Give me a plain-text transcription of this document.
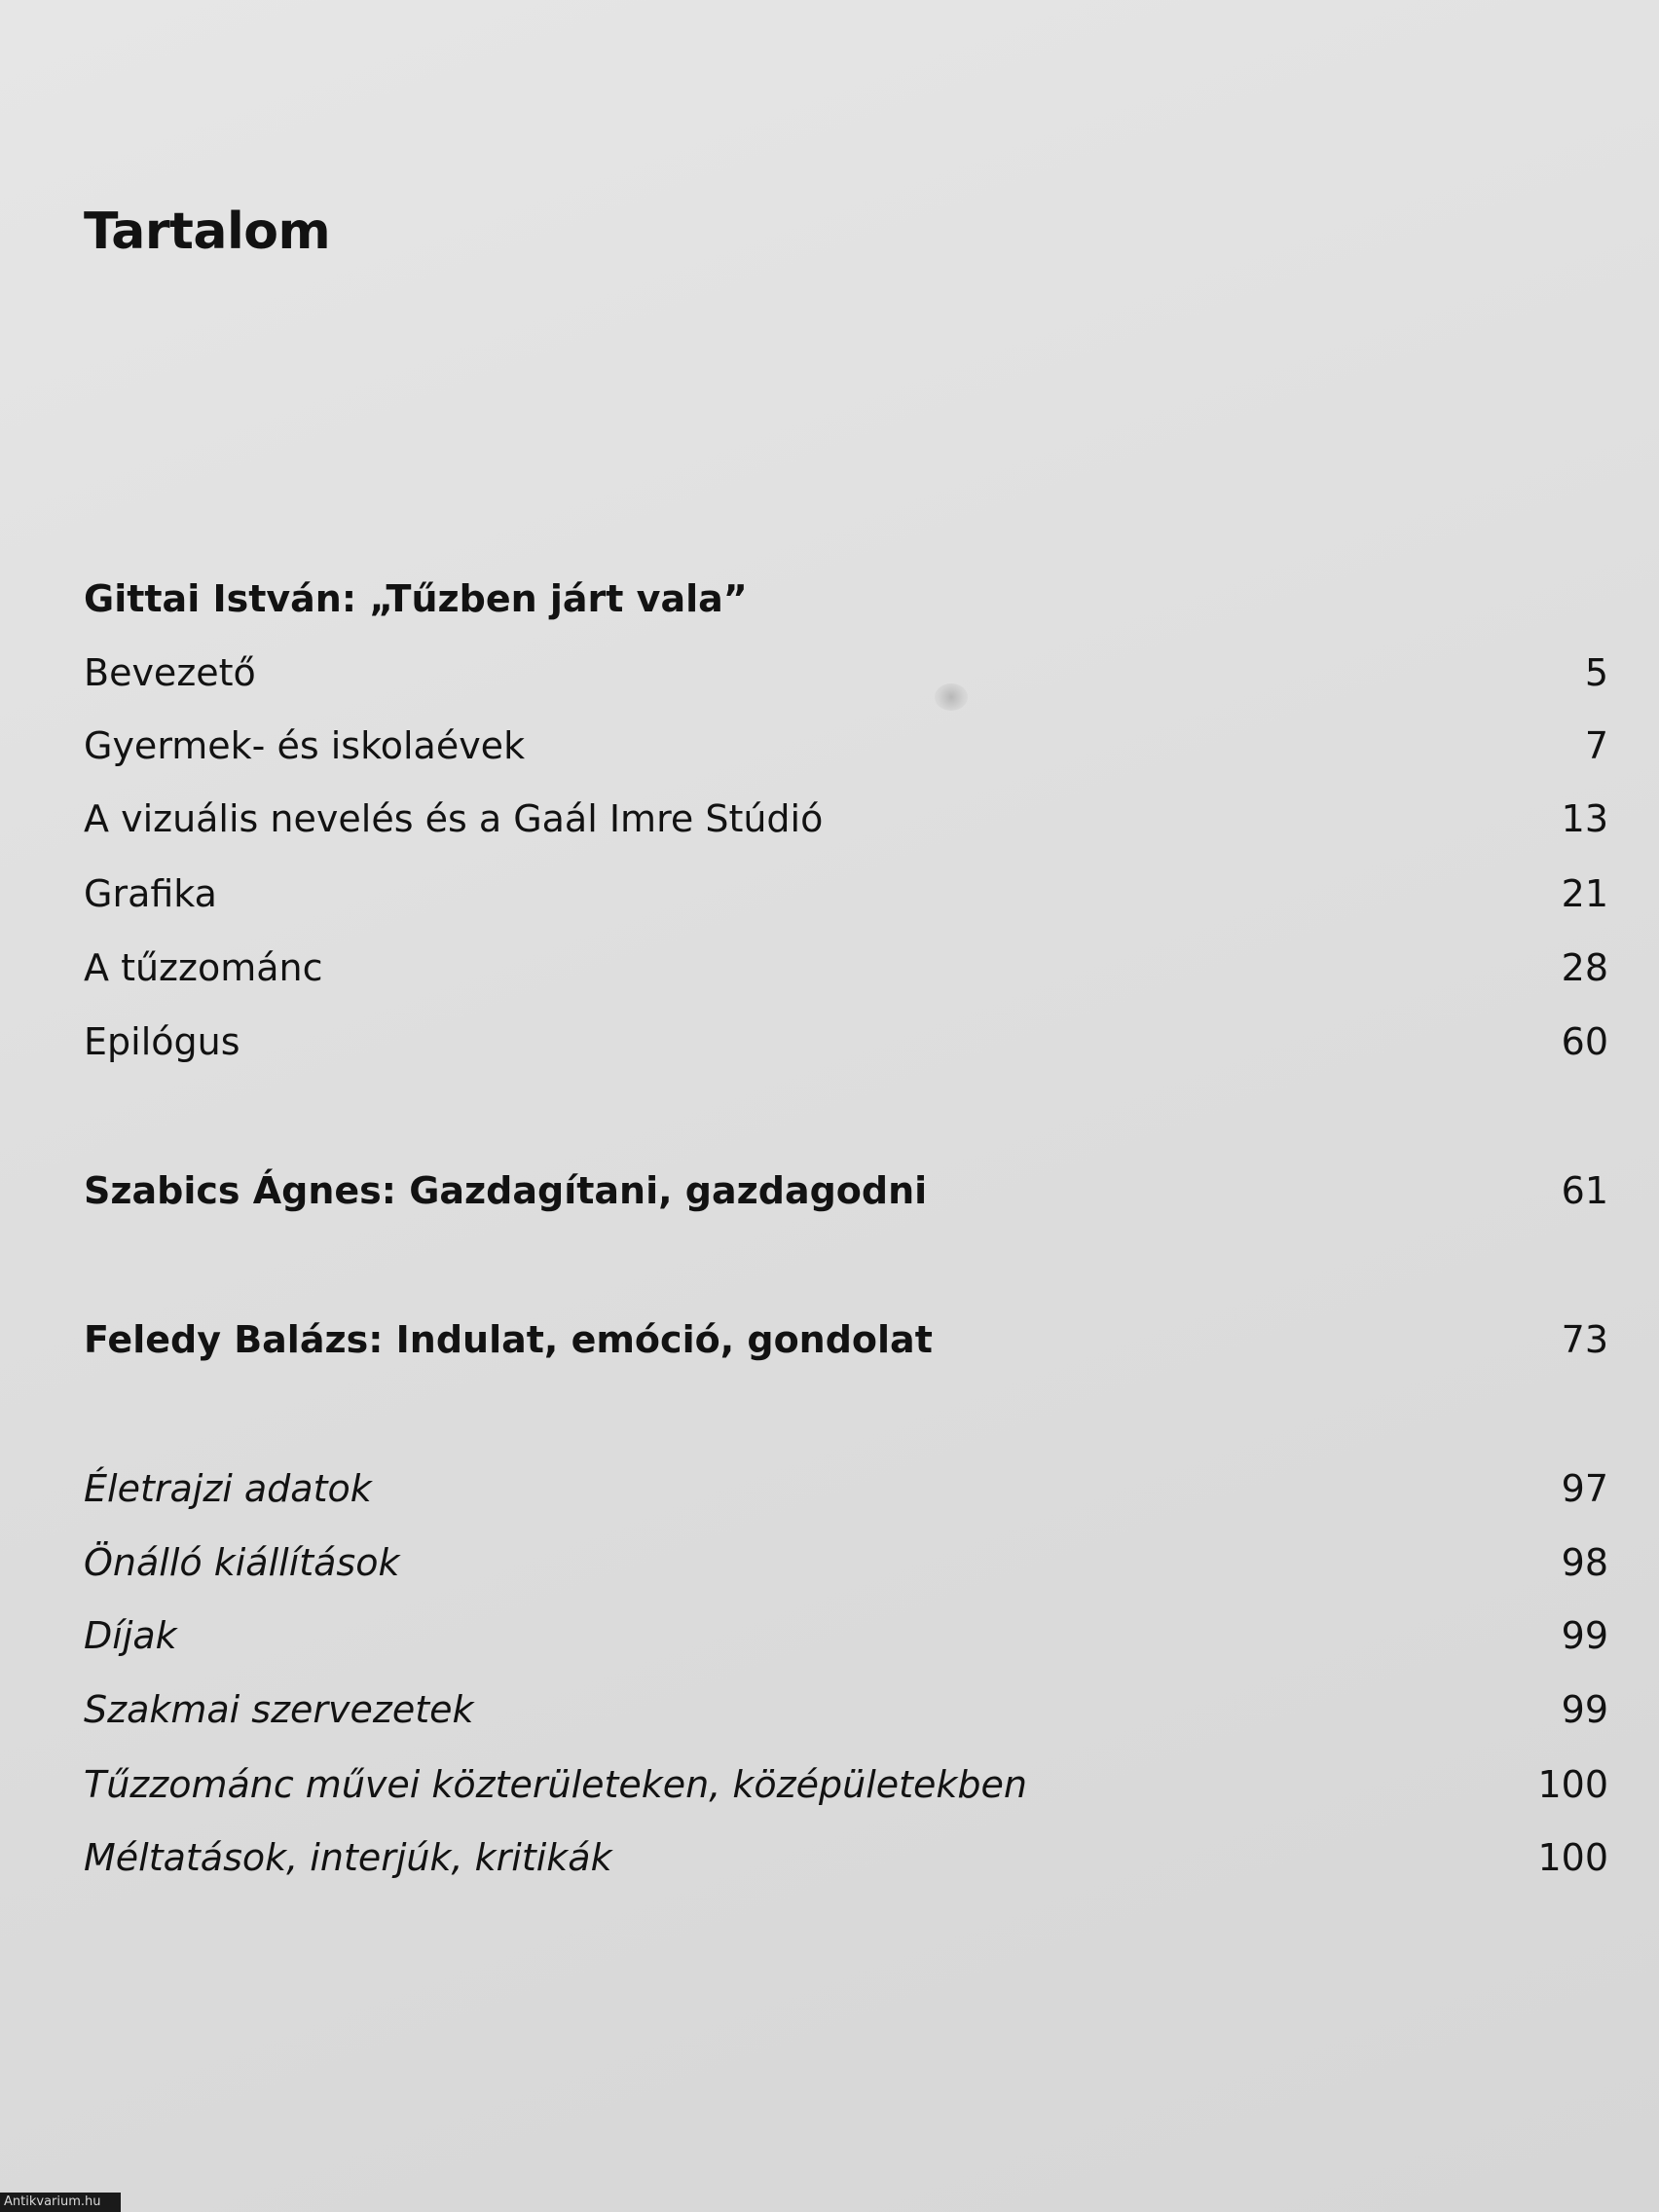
Tartalom
Gittai István: „Tűzben járt vala”
Bevezető	5
Gyermek- és iskolaévek	7
A vizuális nevelés és a Gaál Imre Stúdió	13
Grafika	21
A tűzzománc	28
Epilógus	60
Szabics Ágnes: Gazdagítani, gazdagodni	61
Feledy Balázs: Indulat, emóció, gondolat	73
Életrajzi adatok	97
Önálló kiállítások	98
Díjak	99
Szakmai szervezetek	99
Tűzzománc művei közterületeken, középületekben	100
Méltatások, interjúk, kritikák	100
Antikvarium.hu
